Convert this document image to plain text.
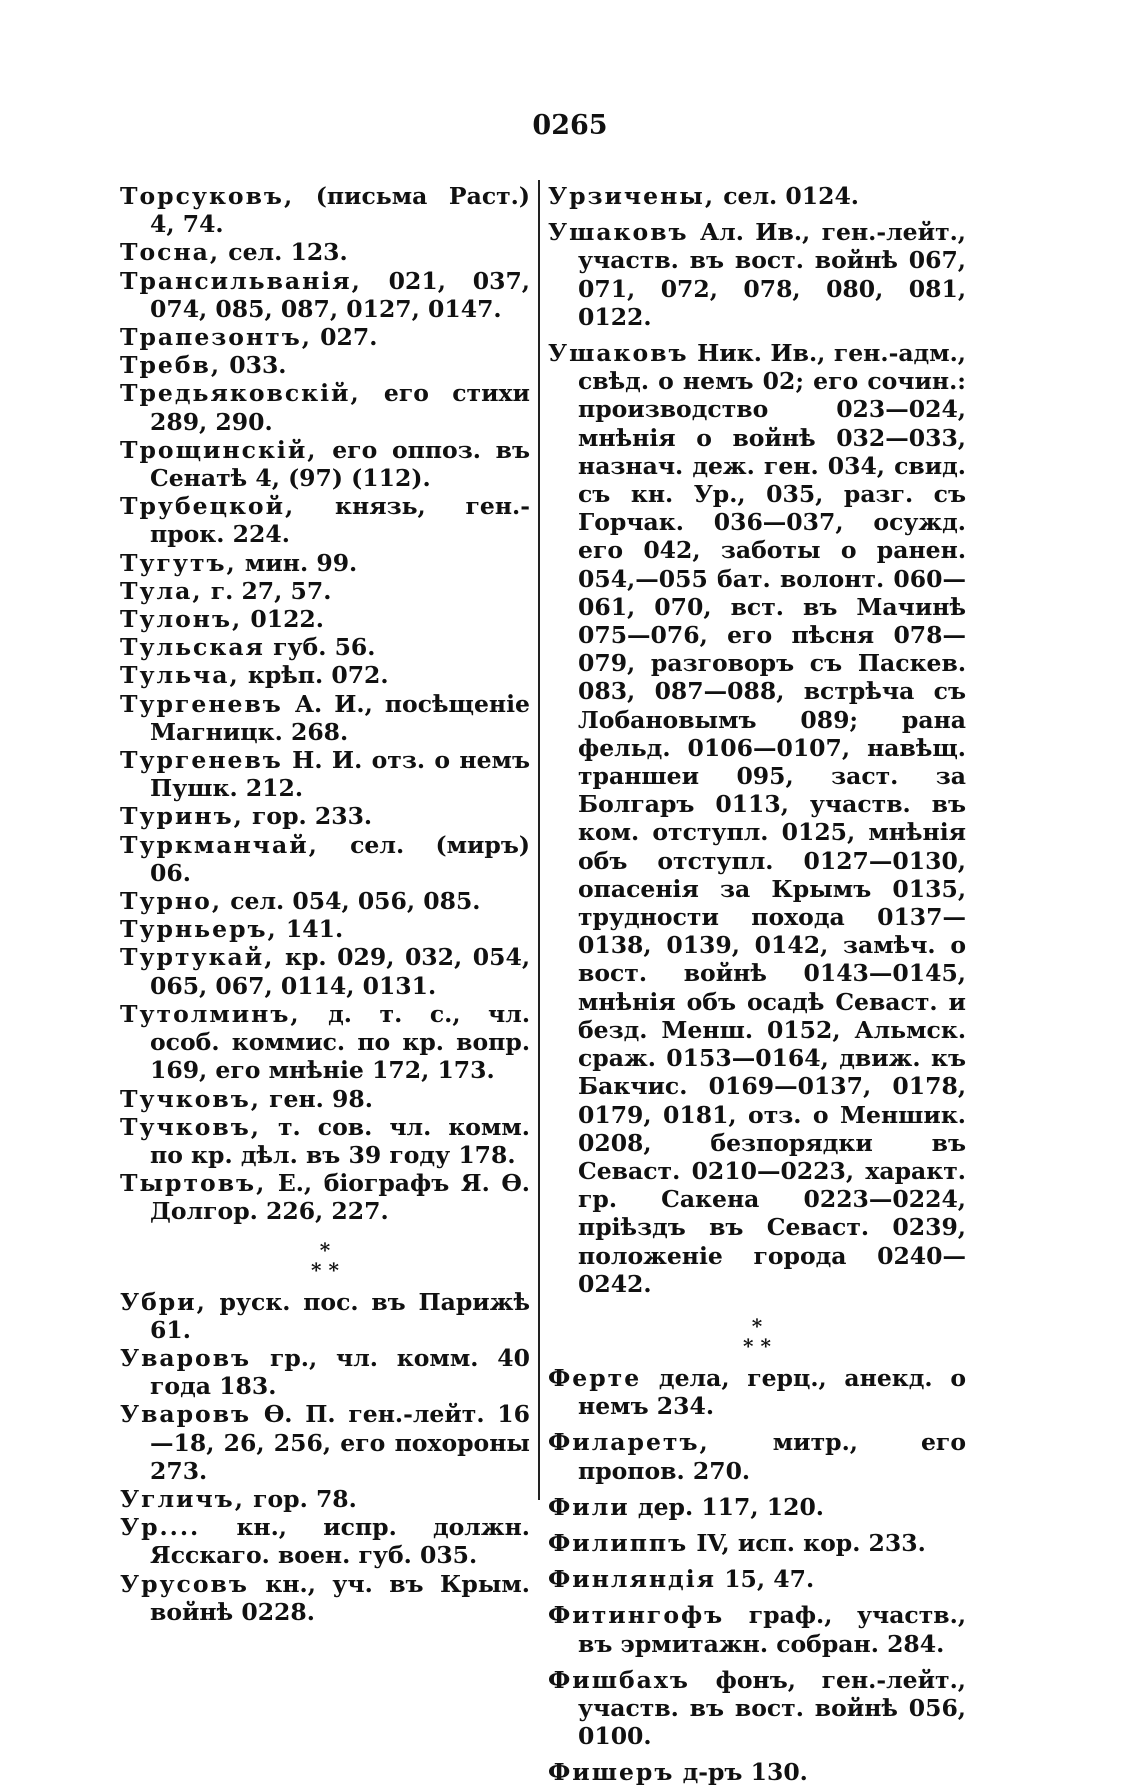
0265
Торсуковъ, (письма Раст.) 4, 74.
Тосна, сел. 123.
Трансильванія, 021, 037, 074, 085, 087, 0127, 0147.
Трапезонтъ, 027.
Требв, 033.
Тредьяковскій, его стихи 289, 290.
Трощинскій, его оппоз. въ Сенатѣ 4, (97) (112).
Трубецкой, князь, ген.-прок. 224.
Тугутъ, мин. 99.
Тула, г. 27, 57.
Тулонъ, 0122.
Тульская губ. 56.
Тульча, крѣп. 072.
Тургеневъ А. И., посѣщеніе Магницк. 268.
Тургеневъ Н. И. отз. о немъ Пушк. 212.
Туринъ, гор. 233.
Туркманчай, сел. (миръ) 06.
Турно, сел. 054, 056, 085.
Турньеръ, 141.
Туртукай, кр. 029, 032, 054, 065, 067, 0114, 0131.
Тутолминъ, д. т. с., чл. особ. коммис. по кр. вопр. 169, его мнѣніе 172, 173.
Тучковъ, ген. 98.
Тучковъ, т. сов. чл. комм. по кр. дѣл. въ 39 году 178.
Тыртовъ, Е., біографъ Я. Ѳ. Долгор. 226, 227.
*
* *
Убри, руск. пос. въ Парижѣ 61.
Уваровъ гр., чл. комм. 40 года 183.
Уваровъ Ѳ. П. ген.-лейт. 16—18, 26, 256, его похороны 273.
Угличъ, гор. 78.
Ур.... кн., испр. должн. Ясскаго. воен. губ. 035.
Урусовъ кн., уч. въ Крым. войнѣ 0228.
Урзичены, сел. 0124.
Ушаковъ Ал. Ив., ген.-лейт., участв. въ вост. войнѣ 067, 071, 072, 078, 080, 081, 0122.
Ушаковъ Ник. Ив., ген.-адм., свѣд. о немъ 02; его сочин.: производство 023—024, мнѣнія о войнѣ 032—033, назнач. деж. ген. 034, свид. съ кн. Ур., 035, разг. съ Горчак. 036—037, осужд. его 042, заботы о ранен. 054,—055 бат. волонт. 060—061, 070, вст. въ Мачинѣ 075—076, его пѣсня 078—079, разговоръ съ Паскев. 083, 087—088, встрѣча съ Лобановымъ 089; рана фельд. 0106—0107, навѣщ. траншеи 095, заст. за Болгаръ 0113, участв. въ ком. отступл. 0125, мнѣнія объ отступл. 0127—0130, опасенія за Крымъ 0135, трудности похода 0137—0138, 0139, 0142, замѣч. о вост. войнѣ 0143—0145, мнѣнія объ осадѣ Севаст. и безд. Менш. 0152, Альмск. сраж. 0153—0164, движ. къ Бакчис. 0169—0137, 0178, 0179, 0181, отз. о Меншик. 0208, безпорядки въ Севаст. 0210—0223, характ. гр. Сакена 0223—0224, пріѣздъ въ Севаст. 0239, положеніе города 0240—0242.
*
* *
Ферте дела, герц., анекд. о немъ 234.
Филаретъ, митр., его пропов. 270.
Фили дер. 117, 120.
Филиппъ IV, исп. кор. 233.
Финляндія 15, 47.
Фитингофъ граф., участв., въ эрмитажн. собран. 284.
Фишбахъ фонъ, ген.-лейт., участв. въ вост. войнѣ 056, 0100.
Фишеръ д-ръ 130.
